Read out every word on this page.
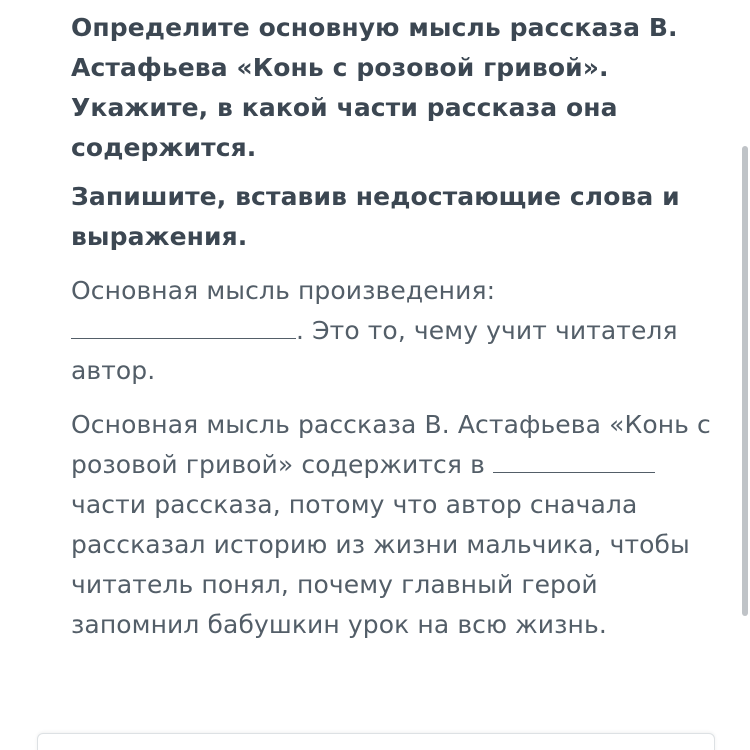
Определите основную мысль рассказа В. Астафьева «Конь с розовой гривой». Укажите, в какой части рассказа она содержится.

Запишите, вставив недостающие слова и выражения.

Основная мысль произведения: . Это то, чему учит читателя автор.

Основная мысль рассказа В. Астафьева «Конь с розовой гривой» содержится в  части рассказа, потому что автор сначала рассказал историю из жизни мальчика, чтобы читатель понял, почему главный герой запомнил бабушкин урок на всю жизнь.
